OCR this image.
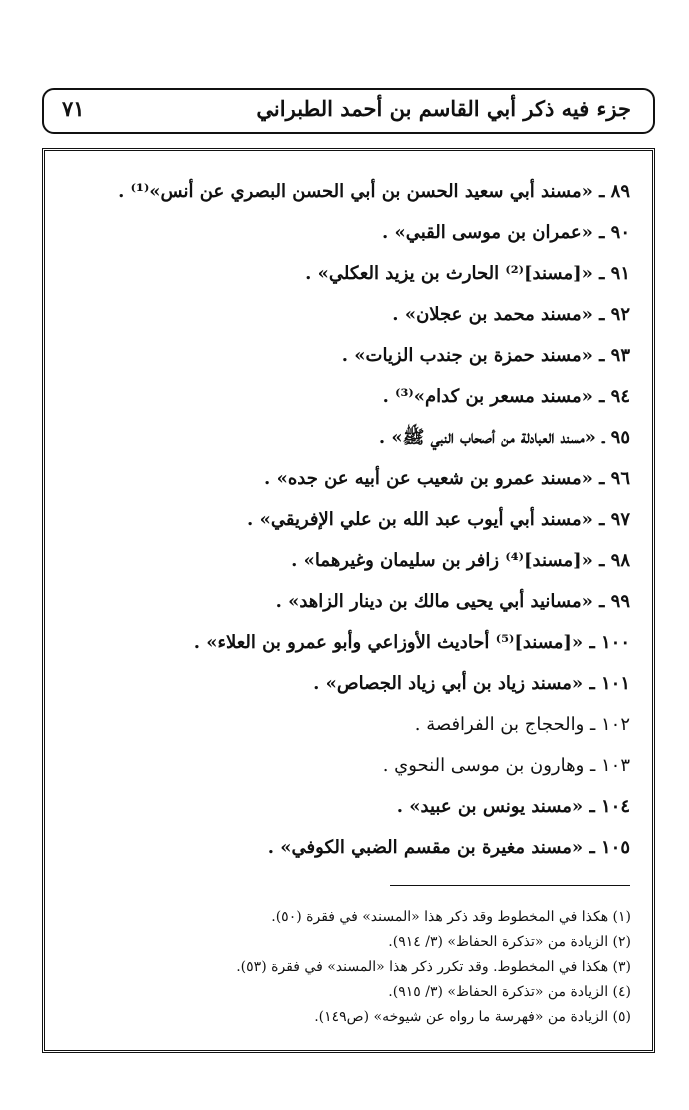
جزء فيه ذكر أبي القاسم بن أحمد الطبراني
٧١
٨٩ ـ «مسند أبي سعيد الحسن بن أبي الحسن البصري عن أنس»⁽¹⁾ .
٩٠ ـ «عمران بن موسى القبي» .
٩١ ـ «[مسند]⁽²⁾ الحارث بن يزيد العكلي» .
٩٢ ـ «مسند محمد بن عجلان» .
٩٣ ـ «مسند حمزة بن جندب الزيات» .
٩٤ ـ «مسند مسعر بن كدام»⁽³⁾ .
٩٥ ـ «مسند العبادلة من أصحاب النبي ﷺ» .
٩٦ ـ «مسند عمرو بن شعيب عن أبيه عن جده» .
٩٧ ـ «مسند أبي أيوب عبد الله بن علي الإفريقي» .
٩٨ ـ «[مسند]⁽⁴⁾ زافر بن سليمان وغيرهما» .
٩٩ ـ «مسانيد أبي يحيى مالك بن دينار الزاهد» .
١٠٠ ـ «[مسند]⁽⁵⁾ أحاديث الأوزاعي وأبو عمرو بن العلاء» .
١٠١ ـ «مسند زياد بن أبي زياد الجصاص» .
١٠٢ ـ والحجاج بن الفرافصة .
١٠٣ ـ وهارون بن موسى النحوي .
١٠٤ ـ «مسند يونس بن عبيد» .
١٠٥ ـ «مسند مغيرة بن مقسم الضبي الكوفي» .
(١) هكذا في المخطوط وقد ذكر هذا «المسند» في فقرة (٥٠).
(٢) الزيادة من «تذكرة الحفاظ» (٣/ ٩١٤).
(٣) هكذا في المخطوط. وقد تكرر ذكر هذا «المسند» في فقرة (٥٣).
(٤) الزيادة من «تذكرة الحفاظ» (٣/ ٩١٥).
(٥) الزيادة من «فهرسة ما رواه عن شيوخه» (ص١٤٩).
